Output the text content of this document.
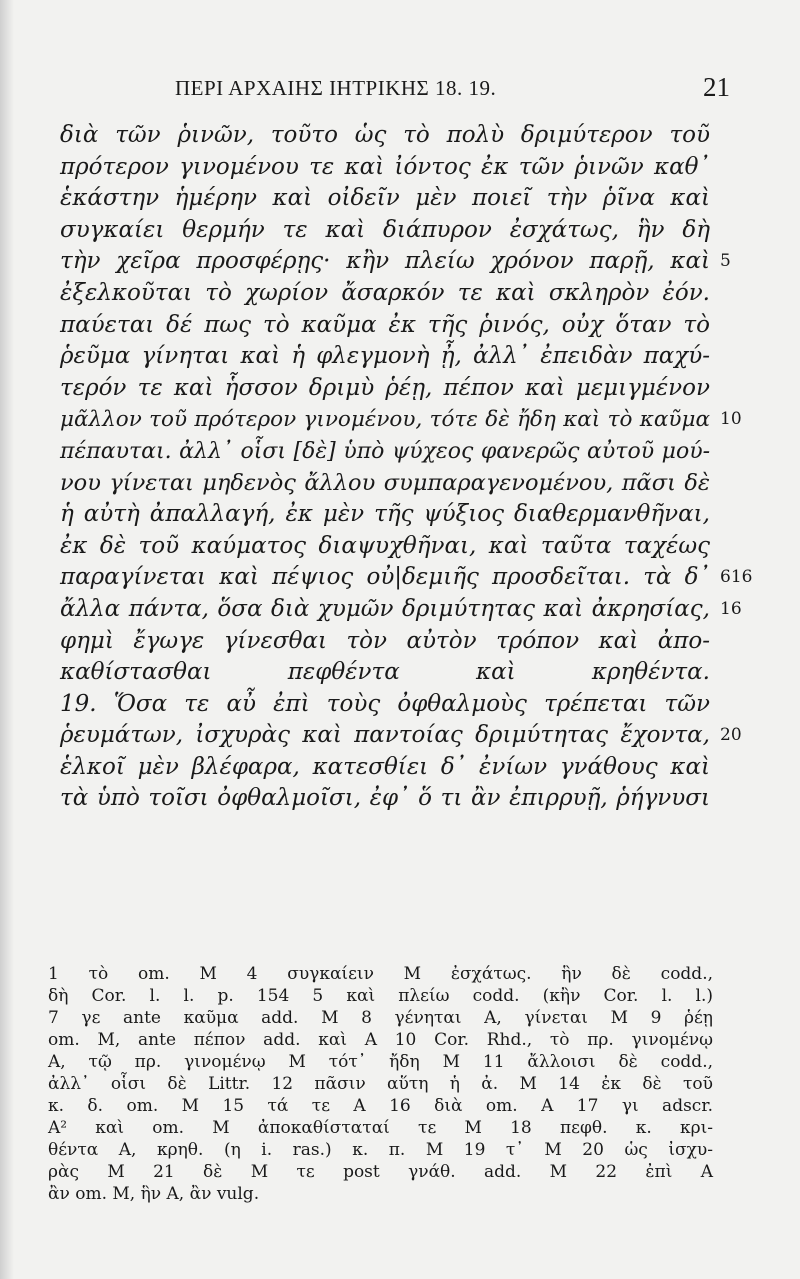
ΠΕΡΙ ΑΡΧΑΙΗΣ ΙΗΤΡΙΚΗΣ 18. 19.	21
διὰ τῶν ῥινῶν, τοῦτο ὡς τὸ πολὺ δριμύτερον τοῦ
πρότερον γινομένου τε καὶ ἰόντος ἐκ τῶν ῥινῶν καθ᾿
ἑκάστην ἡμέρην καὶ οἰδεῖν μὲν ποιεῖ τὴν ῥῖνα καὶ
συγκαίει θερμήν τε καὶ διάπυρον ἐσχάτως, ἣν δὴ
τὴν χεῖρα προσφέρῃς· κἢν πλείω χρόνον παρῇ, καὶ 5
ἐξελκοῦται τὸ χωρίον ἄσαρκόν τε καὶ σκληρὸν ἐόν.
παύεται δέ πως τὸ καῦμα ἐκ τῆς ῥινός, οὐχ ὅταν τὸ
ῥεῦμα γίνηται καὶ ἡ φλεγμονὴ ᾖ, ἀλλ᾿ ἐπειδὰν παχύ-
τερόν τε καὶ ἧσσον δριμὺ ῥέῃ, πέπον καὶ μεμιγμένον
μᾶλλον τοῦ πρότερον γινομένου, τότε δὲ ἤδη καὶ τὸ καῦμα 10
πέπαυται. ἀλλ᾿ οἷσι [δὲ] ὑπὸ ψύχεος φανερῶς αὐτοῦ μού-
νου γίνεται μηδενὸς ἄλλου συμπαραγενομένου, πᾶσι δὲ
ἡ αὐτὴ ἀπαλλαγή, ἐκ μὲν τῆς ψύξιος διαθερμανθῆναι,
ἐκ δὲ τοῦ καύματος διαψυχθῆναι, καὶ ταῦτα ταχέως
παραγίνεται καὶ πέψιος οὐ|δεμιῆς προσδεῖται. τὰ δ᾿ 616
ἄλλα πάντα, ὅσα διὰ χυμῶν δριμύτητας καὶ ἀκρησίας, 16
φημὶ ἔγωγε γίνεσθαι τὸν αὐτὸν τρόπον καὶ ἀπο-
καθίστασθαι πεφθέντα καὶ κρηθέντα.
19. Ὅσα τε αὖ ἐπὶ τοὺς ὀφθαλμοὺς τρέπεται τῶν
ῥευμάτων, ἰσχυρὰς καὶ παντοίας δριμύτητας ἔχοντα, 20
ἑλκοῖ μὲν βλέφαρα, κατεσθίει δ᾿ ἐνίων γνάθους καὶ
τὰ ὑπὸ τοῖσι ὀφθαλμοῖσι, ἐφ᾿ ὅ τι ἂν ἐπιρρυῇ, ῥήγνυσι
1 τὸ om. M 4 συγκαίειν M ἐσχάτως. ἣν δὲ codd.,
δὴ Cor. l. l. p. 154 5 καὶ πλείω codd. (κἢν Cor. l. l.)
7 γε ante καῦμα add. M 8 γένηται A, γίνεται M 9 ῥέῃ
om. M, ante πέπον add. καὶ A 10 Cor. Rhd., τὸ πρ. γινομένῳ
A, τῷ πρ. γινομένῳ M τότ᾿ ἤδη M 11 ἄλλοισι δὲ codd.,
ἀλλ᾿ οἷσι δὲ Littr. 12 πᾶσιν αὕτη ἡ ἀ. M 14 ἐκ δὲ τοῦ
κ. δ. om. M 15 τά τε A 16 διὰ om. A 17 γι adscr.
A² καὶ om. M ἀποκαθίσταταί τε M 18 πεφθ. κ. κρι-
θέντα A, κρηθ. (η i. ras.) κ. π. M 19 τ᾿ M 20 ὡς ἰσχυ-
ρὰς M 21 δὲ M τε post γνάθ. add. M 22 ἐπὶ A
ἂν om. M, ἣν A, ἂν vulg.
